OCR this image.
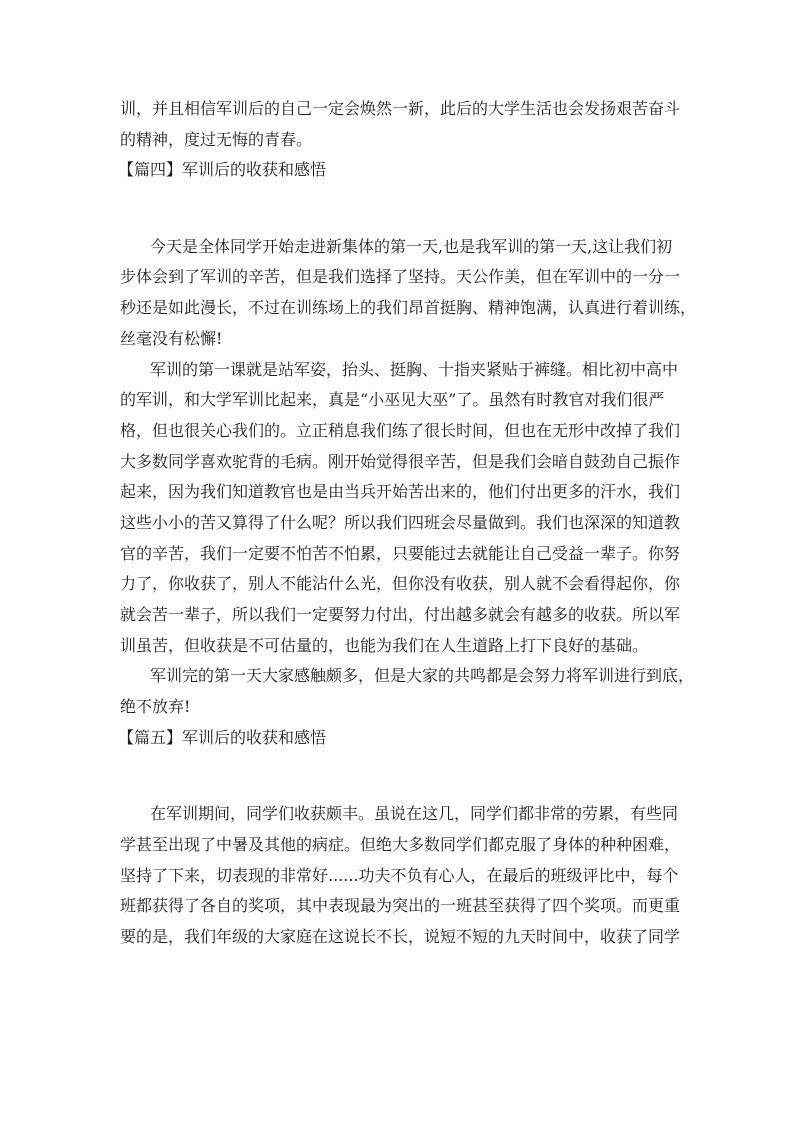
训，并且相信军训后的自己一定会焕然一新，此后的大学生活也会发扬艰苦奋斗
的精神，度过无悔的青春。
【篇四】军训后的收获和感悟
今天是全体同学开始走进新集体的第一天,也是我军训的第一天,这让我们初
步体会到了军训的辛苦，但是我们选择了坚持。天公作美，但在军训中的一分一
秒还是如此漫长，不过在训练场上的我们昂首挺胸、精神饱满，认真进行着训练，
丝毫没有松懈!
军训的第一课就是站军姿，抬头、挺胸、十指夹紧贴于裤缝。相比初中高中
的军训，和大学军训比起来，真是“小巫见大巫”了。虽然有时教官对我们很严
格，但也很关心我们的。立正稍息我们练了很长时间，但也在无形中改掉了我们
大多数同学喜欢驼背的毛病。刚开始觉得很辛苦，但是我们会暗自鼓劲自己振作
起来，因为我们知道教官也是由当兵开始苦出来的，他们付出更多的汗水，我们
这些小小的苦又算得了什么呢？所以我们四班会尽量做到。我们也深深的知道教
官的辛苦，我们一定要不怕苦不怕累，只要能过去就能让自己受益一辈子。你努
力了，你收获了，别人不能沾什么光，但你没有收获，别人就不会看得起你，你
就会苦一辈子，所以我们一定要努力付出，付出越多就会有越多的收获。所以军
训虽苦，但收获是不可估量的，也能为我们在人生道路上打下良好的基础。
军训完的第一天大家感触颇多，但是大家的共鸣都是会努力将军训进行到底，
绝不放弃!
【篇五】军训后的收获和感悟
在军训期间，同学们收获颇丰。虽说在这几，同学们都非常的劳累，有些同
学甚至出现了中暑及其他的病症。但绝大多数同学们都克服了身体的种种困难，
坚持了下来，切表现的非常好......功夫不负有心人，在最后的班级评比中，每个
班都获得了各自的奖项，其中表现最为突出的一班甚至获得了四个奖项。而更重
要的是，我们年级的大家庭在这说长不长，说短不短的九天时间中，收获了同学
